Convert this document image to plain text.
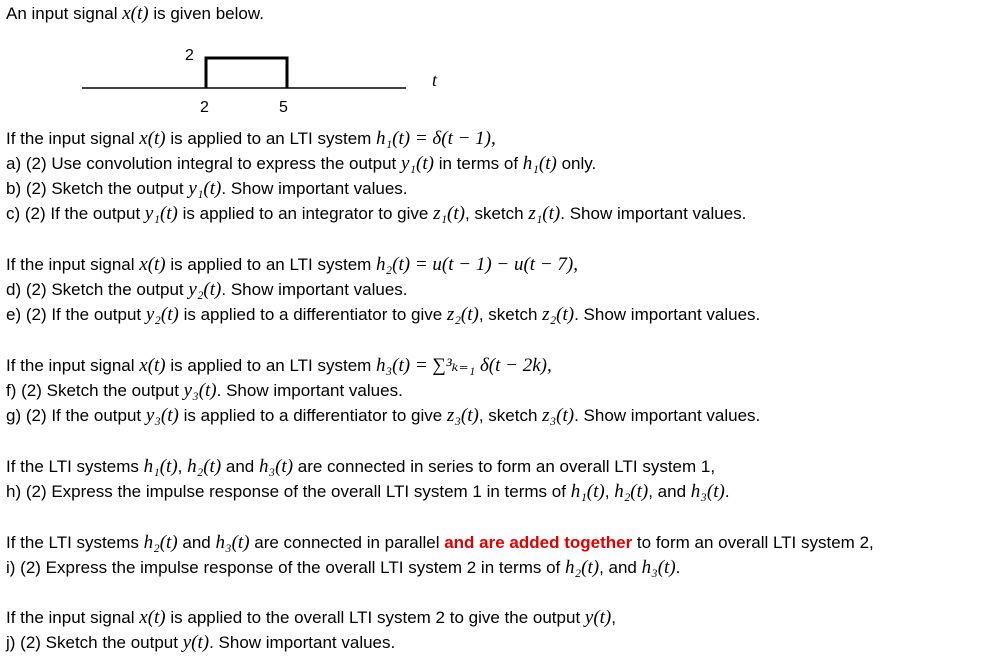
An input signal x(t) is given below.
2
t
2	5
If the input signal x(t) is applied to an LTI system h₁(t) = δ(t − 1),
a) (2) Use convolution integral to express the output y₁(t) in terms of h₁(t) only.
b) (2) Sketch the output y₁(t). Show important values.
c) (2) If the output y₁(t) is applied to an integrator to give z₁(t), sketch z₁(t). Show important values.
If the input signal x(t) is applied to an LTI system h₂(t) = u(t − 1) − u(t − 7),
d) (2) Sketch the output y₂(t). Show important values.
e) (2) If the output y₂(t) is applied to a differentiator to give z₂(t), sketch z₂(t). Show important values.
If the input signal x(t) is applied to an LTI system h₃(t) = ∑³ₖ₌₁ δ(t − 2k),
f) (2) Sketch the output y₃(t). Show important values.
g) (2) If the output y₃(t) is applied to a differentiator to give z₃(t), sketch z₃(t). Show important values.
If the LTI systems h₁(t), h₂(t) and h₃(t) are connected in series to form an overall LTI system 1,
h) (2) Express the impulse response of the overall LTI system 1 in terms of h₁(t), h₂(t), and h₃(t).
If the LTI systems h₂(t) and h₃(t) are connected in parallel and are added together to form an overall LTI system 2,
i) (2) Express the impulse response of the overall LTI system 2 in terms of h₂(t), and h₃(t).
If the input signal x(t) is applied to the overall LTI system 2 to give the output y(t),
j) (2) Sketch the output y(t). Show important values.
